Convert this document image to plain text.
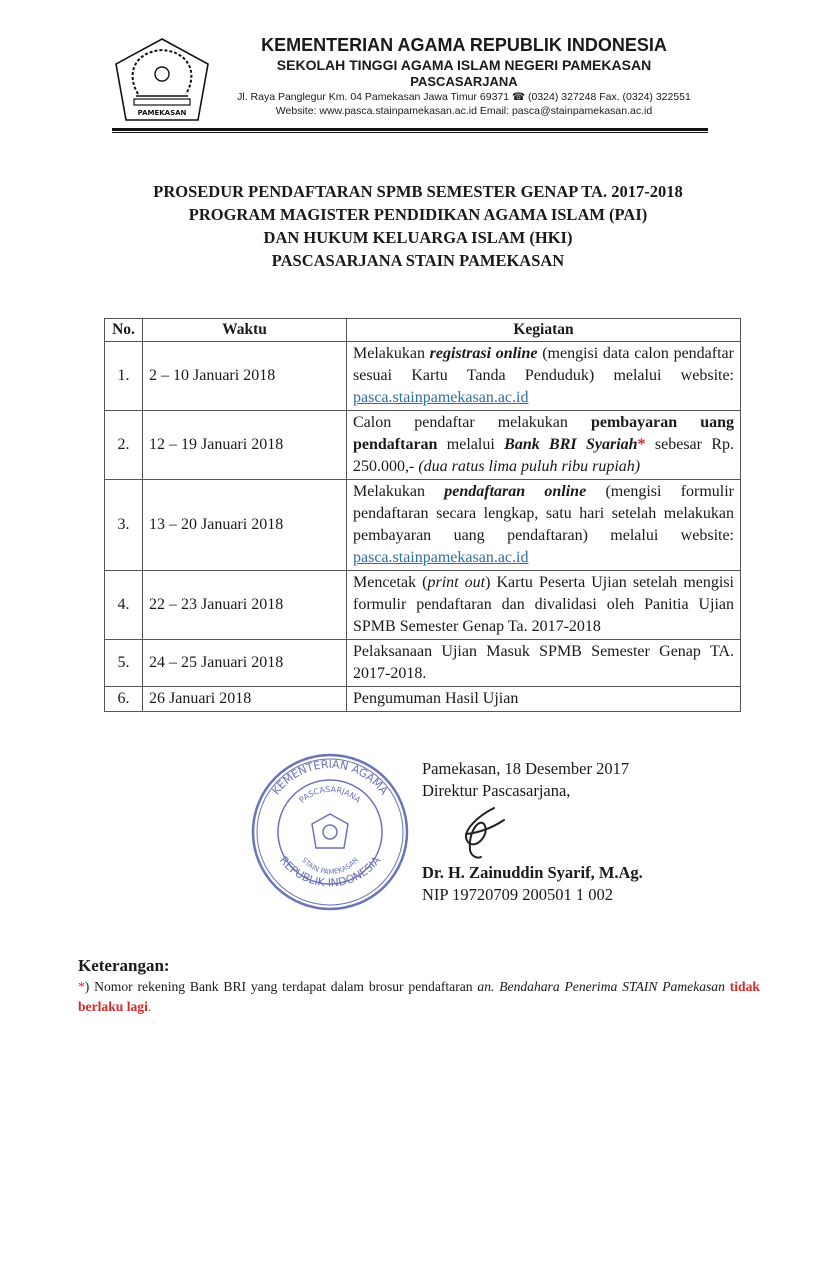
PAMEKASAN
KEMENTERIAN AGAMA REPUBLIK INDONESIA
SEKOLAH TINGGI AGAMA ISLAM NEGERI PAMEKASAN
PASCASARJANA
Jl. Raya Panglegur Km. 04 Pamekasan Jawa Timur 69371 ☎ (0324) 327248 Fax. (0324) 322551
Website: www.pasca.stainpamekasan.ac.id Email: pasca@stainpamekasan.ac.id
PROSEDUR PENDAFTARAN SPMB SEMESTER GENAP TA. 2017-2018
PROGRAM MAGISTER PENDIDIKAN AGAMA ISLAM (PAI)
DAN HUKUM KELUARGA ISLAM (HKI)
PASCASARJANA STAIN PAMEKASAN
No.	Waktu	Kegiatan
1.	2 – 10 Januari 2018	Melakukan registrasi online (mengisi data calon pendaftar sesuai Kartu Tanda Penduduk) melalui website: pasca.stainpamekasan.ac.id
2.	12 – 19 Januari 2018	Calon pendaftar melakukan pembayaran uang pendaftaran melalui Bank BRI Syariah* sebesar Rp. 250.000,- (dua ratus lima puluh ribu rupiah)
3.	13 – 20 Januari 2018	Melakukan pendaftaran online (mengisi formulir pendaftaran secara lengkap, satu hari setelah melakukan pembayaran uang pendaftaran) melalui website: pasca.stainpamekasan.ac.id
4.	22 – 23 Januari 2018	Mencetak (print out) Kartu Peserta Ujian setelah mengisi formulir pendaftaran dan divalidasi oleh Panitia Ujian SPMB Semester Genap Ta. 2017-2018
5.	24 – 25 Januari 2018	Pelaksanaan Ujian Masuk SPMB Semester Genap TA. 2017-2018.
6.	26 Januari 2018	Pengumuman Hasil Ujian
KEMENTERIAN AGAMA
REPUBLIK INDONESIA
PASCASARJANA
STAIN PAMEKASAN
Pamekasan, 18 Desember 2017
Direktur Pascasarjana,
Dr. H. Zainuddin Syarif, M.Ag.
NIP 19720709 200501 1 002
Keterangan:
*) Nomor rekening Bank BRI yang terdapat dalam brosur pendaftaran an. Bendahara Penerima STAIN Pamekasan tidak berlaku lagi.
